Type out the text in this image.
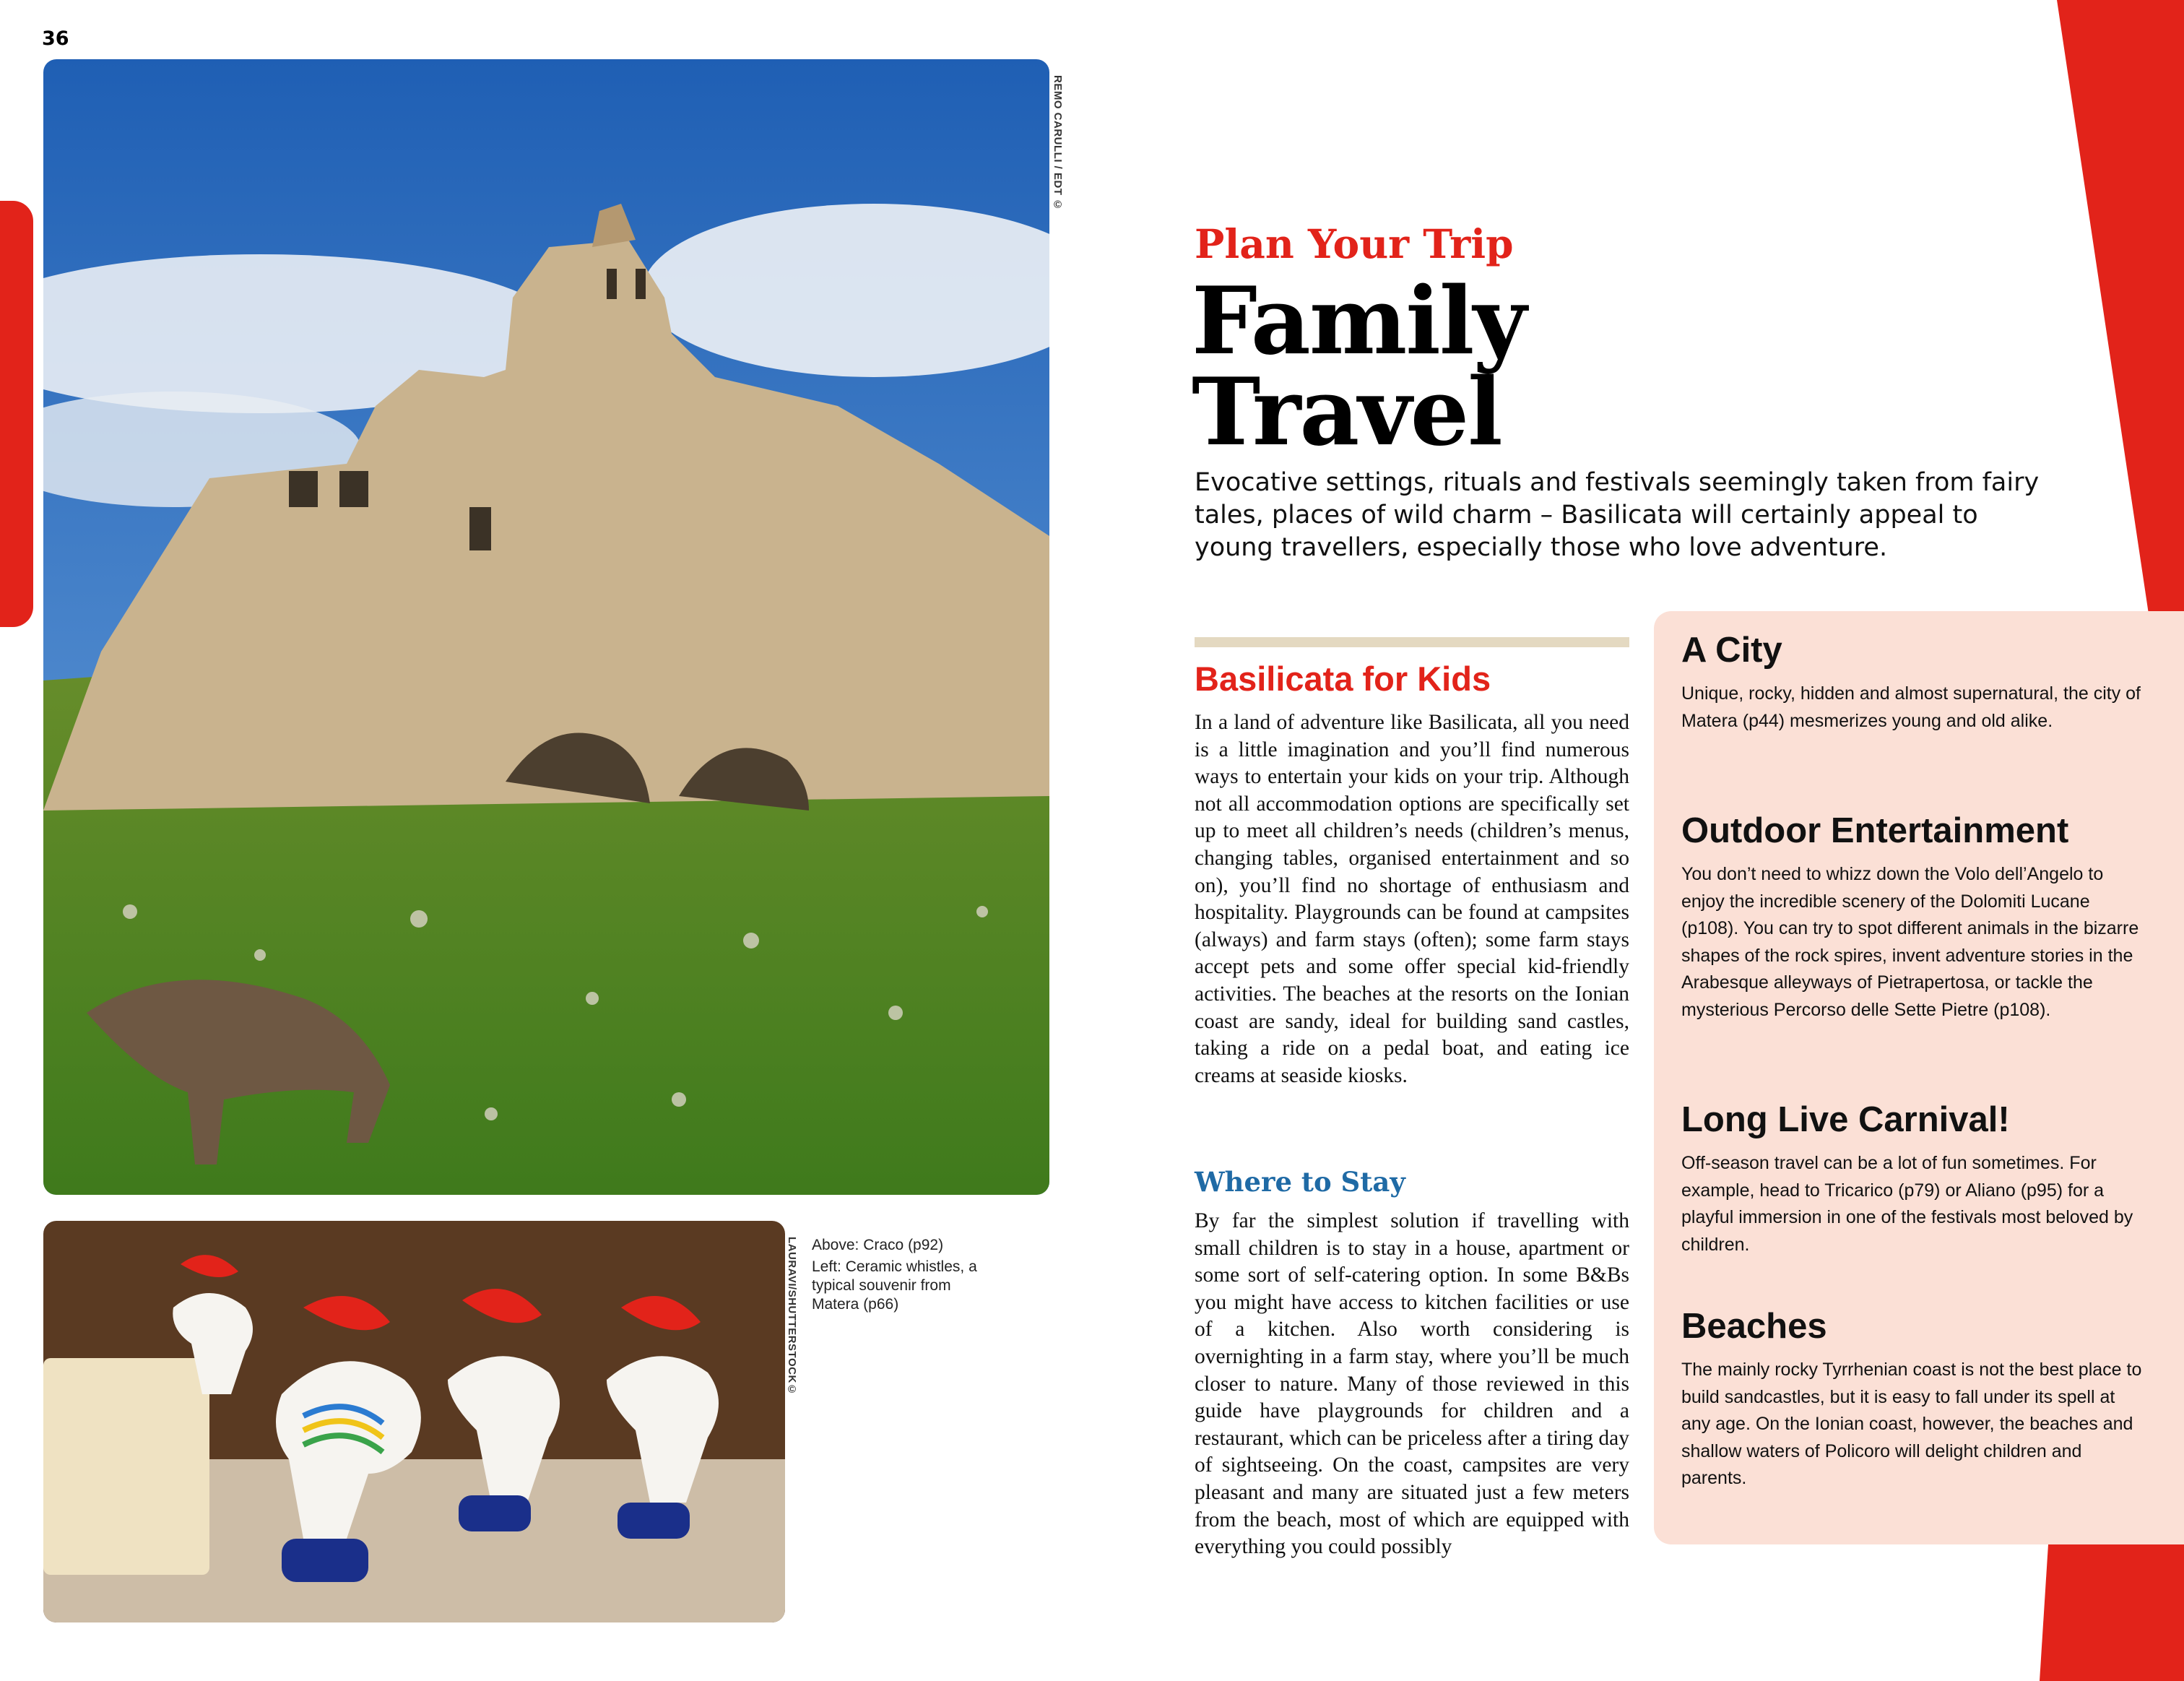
36
REMO CARULLI / EDT ©
LAURAVI/SHUTTERSTOCK© Above: Craco (p92)
Left: Ceramic whistles, a typical souvenir from Matera (p66)
Plan Your Trip
Family
Travel
Evocative settings, rituals and festivals seemingly taken from fairy tales, places of wild charm – Basilicata will certainly appeal to young travellers, especially those who love adventure.
Basilicata for Kids
In a land of adventure like Basilicata, all you need is a little imagination and you’ll find numerous ways to entertain your kids on your trip. Although not all accommodation options are specifically set up to meet all children’s needs (children’s menus, changing tables, organised entertainment and so on), you’ll find no shortage of enthusiasm and hospitality. Playgrounds can be found at campsites (always) and farm stays (often); some farm stays accept pets and some offer special kid-friendly activities. The beaches at the resorts on the Ionian coast are sandy, ideal for building sand castles, taking a ride on a pedal boat, and eating ice creams at seaside kiosks.
Where to Stay
By far the simplest solution if travelling with small children is to stay in a house, apartment or some sort of self-catering option. In some B&Bs you might have access to kitchen facilities or use of a kitchen. Also worth considering is overnighting in a farm stay, where you’ll be much closer to nature. Many of those reviewed in this guide have playgrounds for children and a restaurant, which can be priceless after a tiring day of sightseeing. On the coast, campsites are very pleasant and many are situated just a few meters from the beach, most of which are equipped with everything you could possibly
A City
Unique, rocky, hidden and almost supernatural, the city of Matera (p44) mesmerizes young and old alike.
Outdoor Entertainment
You don’t need to whizz down the Volo dell’Angelo to enjoy the incredible scenery of the Dolomiti Lucane (p108). You can try to spot different animals in the bizarre shapes of the rock spires, invent adventure stories in the Arabesque alleyways of Pietrapertosa, or tackle the mysterious Percorso delle Sette Pietre (p108).
Long Live Carnival!
Off-season travel can be a lot of fun sometimes. For example, head to Tricarico (p79) or Aliano (p95) for a playful immersion in one of the festivals most beloved by children.
Beaches
The mainly rocky Tyrrhenian coast is not the best place to build sandcastles, but it is easy to fall under its spell at any age. On the Ionian coast, however, the beaches and shallow waters of Policoro will delight children and parents.
